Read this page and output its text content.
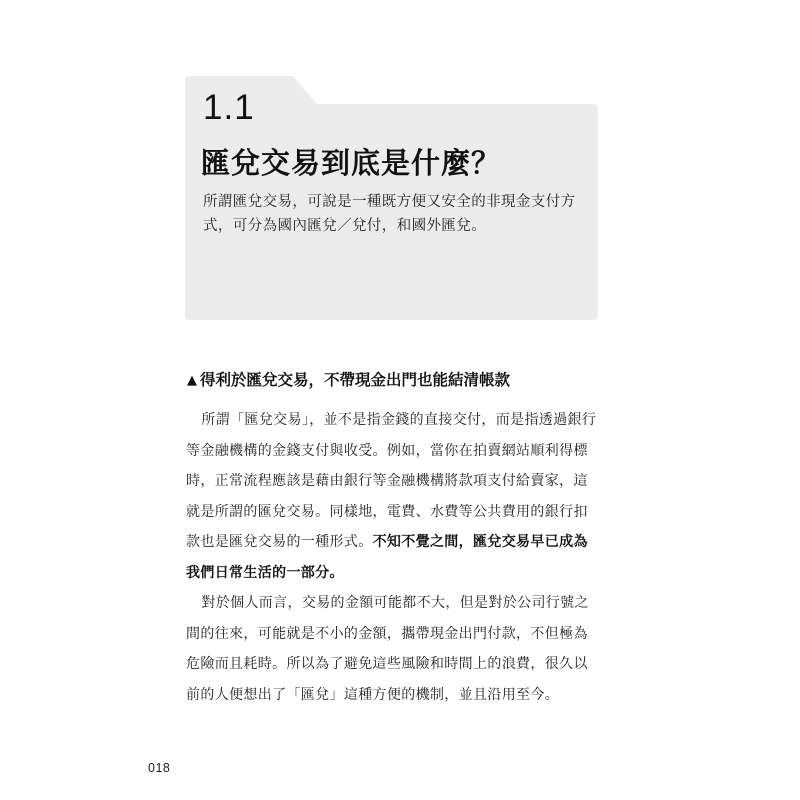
1.1
匯兌交易到底是什麼？
所謂匯兌交易，可說是一種既方便又安全的非現金支付方式，可分為國內匯兌／兌付，和國外匯兌。
▲ 得利於匯兌交易，不帶現金出門也能結清帳款

所謂「匯兌交易」，並不是指金錢的直接交付，而是指透過銀行等金融機構的金錢支付與收受。例如，當你在拍賣網站順利得標時，正常流程應該是藉由銀行等金融機構將款項支付給賣家，這就是所謂的匯兌交易。同樣地，電費、水費等公共費用的銀行扣款也是匯兌交易的一種形式。不知不覺之間，匯兌交易早已成為我們日常生活的一部分。

對於個人而言，交易的金額可能都不大，但是對於公司行號之間的往來，可能就是不小的金額，攜帶現金出門付款，不但極為危險而且耗時。所以為了避免這些風險和時間上的浪費，很久以前的人便想出了「匯兌」這種方便的機制，並且沿用至今。

018
